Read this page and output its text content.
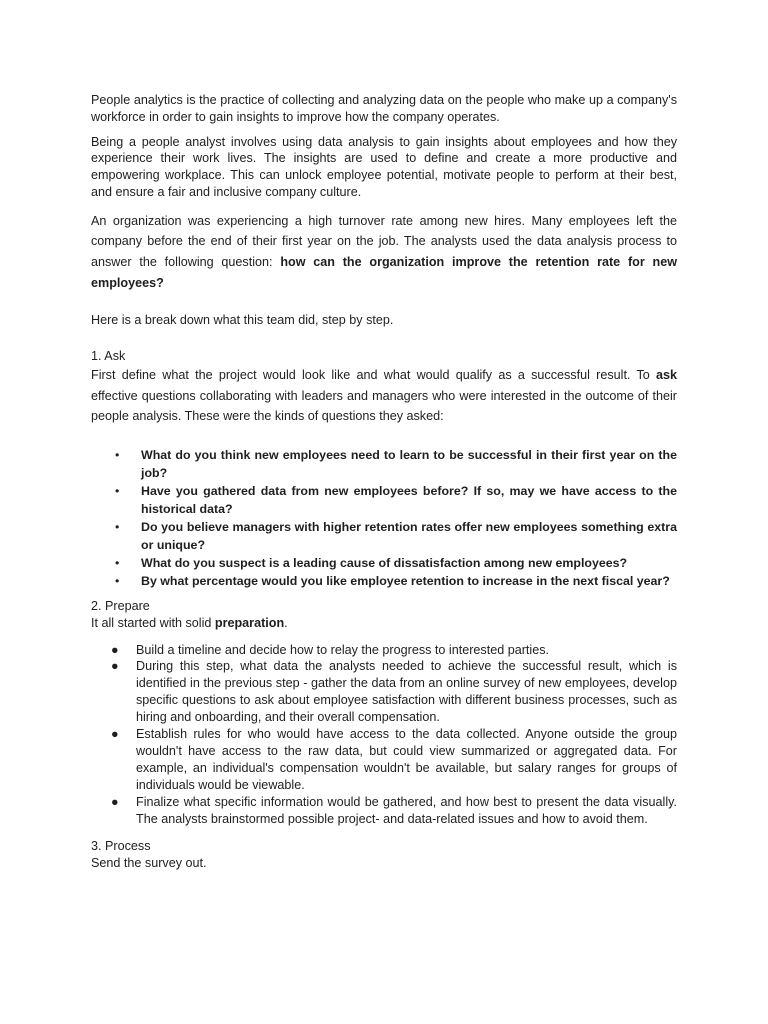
People analytics is the practice of collecting and analyzing data on the people who make up a company's workforce in order to gain insights to improve how the company operates.

Being a people analyst involves using data analysis to gain insights about employees and how they experience their work lives. The insights are used to define and create a more productive and empowering workplace. This can unlock employee potential, motivate people to perform at their best, and ensure a fair and inclusive company culture.

An organization was experiencing a high turnover rate among new hires. Many employees left the company before the end of their first year on the job. The analysts used the data analysis process to answer the following question: how can the organization improve the retention rate for new employees?

Here is a break down what this team did, step by step.

1. Ask

First define what the project would look like and what would qualify as a successful result. To ask effective questions collaborating with leaders and managers who were interested in the outcome of their people analysis. These were the kinds of questions they asked:

• What do you think new employees need to learn to be successful in their first year on the job?
• Have you gathered data from new employees before? If so, may we have access to the historical data?
• Do you believe managers with higher retention rates offer new employees something extra or unique?
• What do you suspect is a leading cause of dissatisfaction among new employees?
• By what percentage would you like employee retention to increase in the next fiscal year?

2. Prepare

It all started with solid preparation.

● Build a timeline and decide how to relay the progress to interested parties.
● During this step, what data the analysts needed to achieve the successful result, which is identified in the previous step - gather the data from an online survey of new employees, develop specific questions to ask about employee satisfaction with different business processes, such as hiring and onboarding, and their overall compensation.
● Establish rules for who would have access to the data collected. Anyone outside the group wouldn't have access to the raw data, but could view summarized or aggregated data. For example, an individual's compensation wouldn't be available, but salary ranges for groups of individuals would be viewable.
● Finalize what specific information would be gathered, and how best to present the data visually. The analysts brainstormed possible project- and data-related issues and how to avoid them.

3. Process

Send the survey out.
